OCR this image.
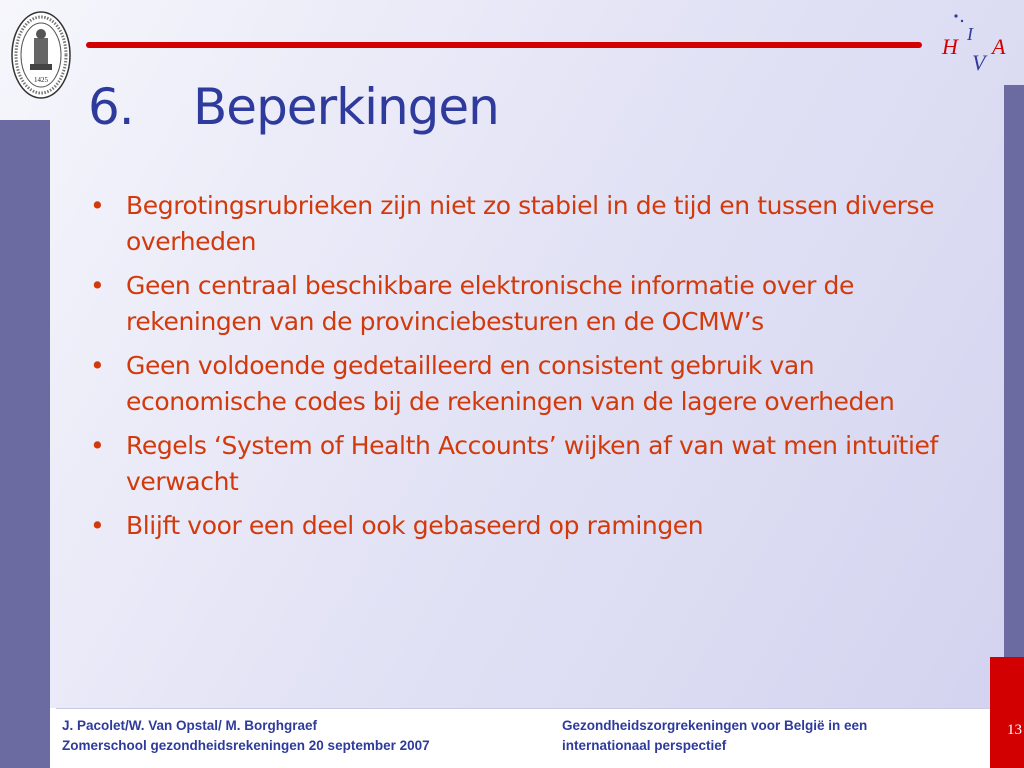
1425
H I
V
A
6. Beperkingen
• Begrotingsrubrieken zijn niet zo stabiel in de tijd en tussen diverse overheden
• Geen centraal beschikbare elektronische informatie over de rekeningen van de provinciebesturen en de OCMW’s
• Geen voldoende gedetailleerd en consistent gebruik van economische codes bij de rekeningen van de lagere overheden
• Regels ‘System of Health Accounts’ wijken af van wat men intuïtief verwacht
• Blijft voor een deel ook gebaseerd op ramingen

J. Pacolet/W. Van Opstal/ M. Borghgraef
Zomerschool gezondheidsrekeningen 20 september 2007

Gezondheidszorgrekeningen voor België in een
internationaal perspectief

13
